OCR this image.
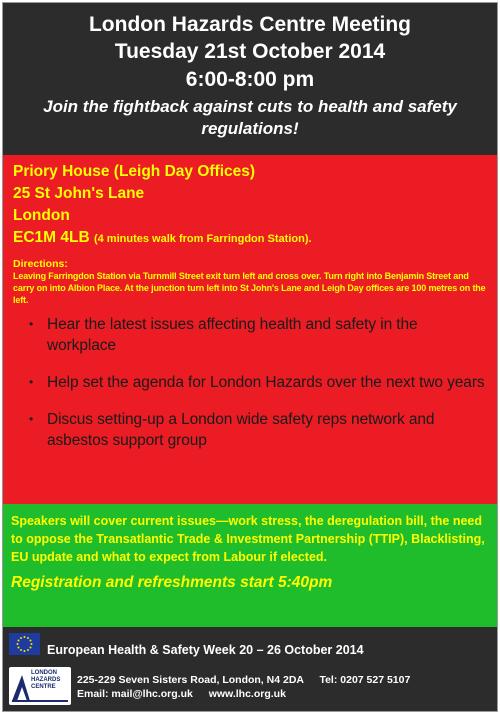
London Hazards Centre Meeting
Tuesday 21st October 2014
6:00-8:00 pm
Join the fightback against cuts to health and safety regulations!
Priory House (Leigh Day Offices)
25 St John's Lane
London
EC1M 4LB (4 minutes walk from Farringdon Station).
Directions:
Leaving Farringdon Station via Turnmill Street exit turn left and cross over. Turn right into Benjamin Street and carry on into Albion Place. At the junction turn left into St John's Lane and Leigh Day offices are 100 metres on the left.
• Hear the latest issues affecting health and safety in the workplace
• Help set the agenda for London Hazards over the next two years
• Discus setting-up a London wide safety reps network and asbestos support group
Speakers will cover current issues—work stress, the deregulation bill, the need to oppose the Transatlantic Trade & Investment Partnership (TTIP), Blacklisting, EU update and what to expect from Labour if elected.
Registration and refreshments start 5:40pm
European Health & Safety Week 20 – 26 October 2014
LONDON
HAZARDS
CENTRE
225-229 Seven Sisters Road, London, N4 2DA Tel: 0207 527 5107
Email: mail@lhc.org.uk www.lhc.org.uk
